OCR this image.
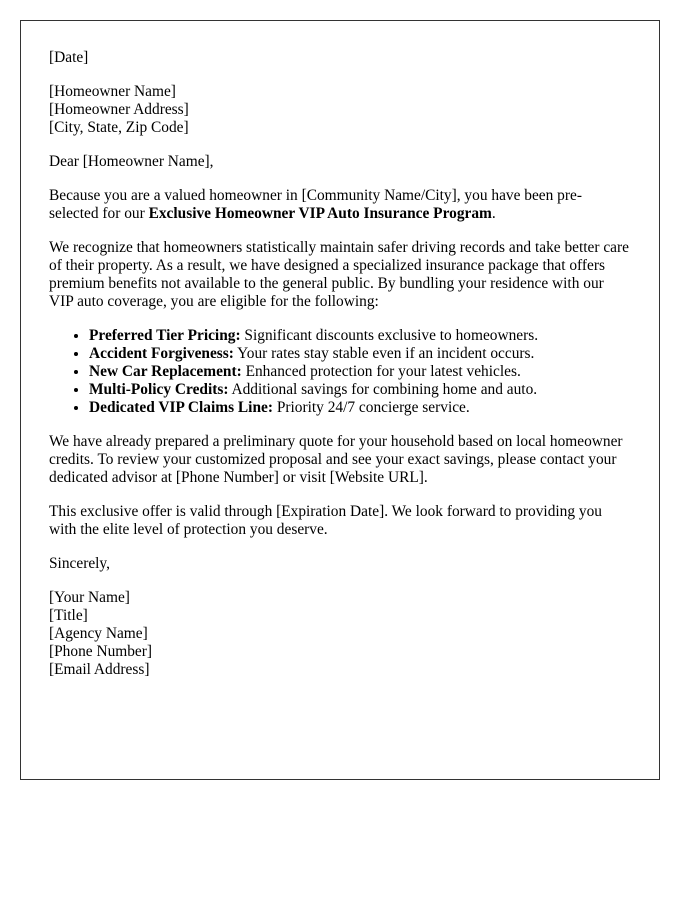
[Date]
[Homeowner Name]
[Homeowner Address]
[City, State, Zip Code]

Dear [Homeowner Name],

Because you are a valued homeowner in [Community Name/City], you have been pre-selected for our Exclusive Homeowner VIP Auto Insurance Program.

We recognize that homeowners statistically maintain safer driving records and take better care of their property. As a result, we have designed a specialized insurance package that offers premium benefits not available to the general public. By bundling your residence with our VIP auto coverage, you are eligible for the following:

• Preferred Tier Pricing: Significant discounts exclusive to homeowners.
• Accident Forgiveness: Your rates stay stable even if an incident occurs.
• New Car Replacement: Enhanced protection for your latest vehicles.
• Multi-Policy Credits: Additional savings for combining home and auto.
• Dedicated VIP Claims Line: Priority 24/7 concierge service.

We have already prepared a preliminary quote for your household based on local homeowner credits. To review your customized proposal and see your exact savings, please contact your dedicated advisor at [Phone Number] or visit [Website URL].

This exclusive offer is valid through [Expiration Date]. We look forward to providing you with the elite level of protection you deserve.

Sincerely,

[Your Name]
[Title]
[Agency Name]
[Phone Number]
[Email Address]
